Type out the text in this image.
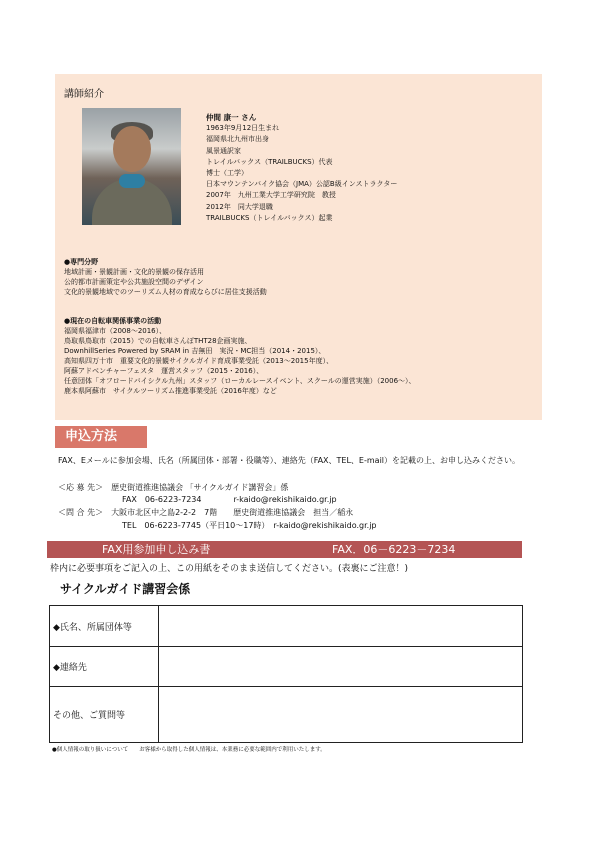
講師紹介
仲間 康一 さん
1963年9月12日生まれ
福岡県北九州市出身
風景通訳家
トレイルバックス（TRAILBUCKS）代表
博士（工学）
日本マウンテンバイク協会（JMA）公認B級インストラクター
2007年　九州工業大学工学研究院　教授
2012年　同大学退職
TRAILBUCKS（トレイルバックス）起業
●専門分野
地域計画・景観計画・文化的景観の保存活用
公的都市計画策定や公共施設空間のデザイン
文化的景観地域でのツーリズム人材の育成ならびに居住支援活動
●現在の自転車関係事業の活動
福岡県福津市（2008～2016）、
鳥取県鳥取市（2015）での自転車さんぽTHT28企画実施、
DownhillSeries Powered by SRAM in 吉無田　実況・MC担当（2014・2015）、
高知県四万十市　重要文化的景観サイクルガイド育成事業受託（2013～2015年度）、
阿蘇アドベンチャーフェスタ　運営スタッフ（2015・2016）、
任意団体「オフロードバイシクル九州」スタッフ（ローカルレースイベント、スクールの運営実施）（2006～）、
鹿本県阿蘇市　サイクルツーリズム推進事業受託（2016年度）など
申込方法
FAX、Eメールに参加会場、氏名（所属団体・部署・役職等）、連絡先（FAX、TEL、E-mail）を記載の上、お申し込みください。
＜応 募 先＞　歴史街道推進協議会 「サイクルガイド講習会」係
　　　　　　　　FAX　06-6223-7234　　　　r-kaido@rekishikaido.gr.jp
＜問 合 先＞　大阪市北区中之島2-2-2　7階　　歴史街道推進協議会　担当／稲永
　　　　　　　　TEL　06-6223-7745（平日10～17時）　r-kaido@rekishikaido.gr.jp
FAX用参加申し込み書	FAX．06－6223－7234
枠内に必要事項をご記入の上、この用紙をそのまま送信してください。(表裏にご注意！)
サイクルガイド講習会係
◆氏名、所属団体等	
◆連絡先	
その他、ご質問等	
●個人情報の取り扱いについて　　お客様から取得した個人情報は、本業務に必要な範囲内で利用いたします。
